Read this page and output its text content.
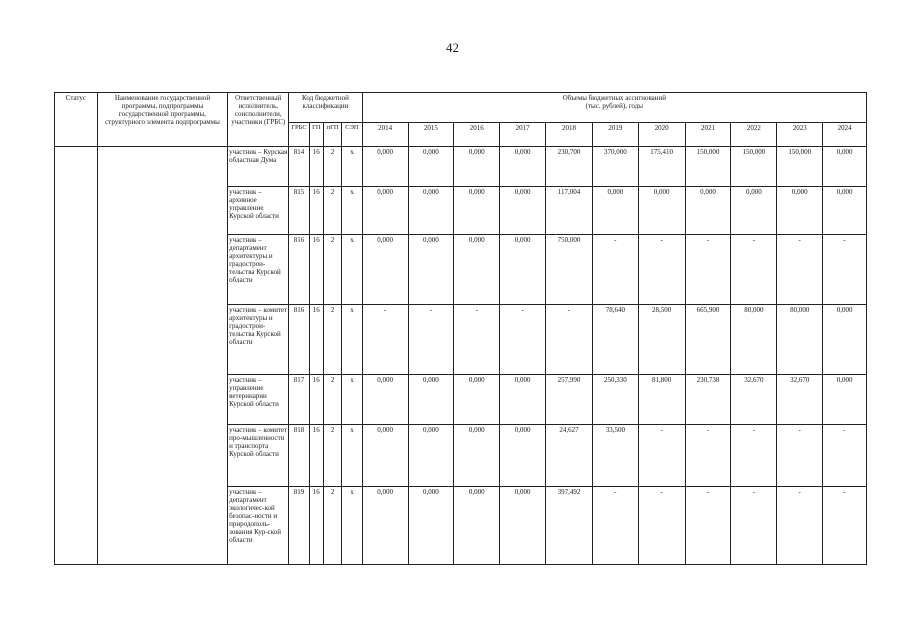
42
Статус	Наименование государственной программы, подпрограммы государственной программы, структурного элемента подпрограммы	Ответственный исполнитель, соисполнители, участники (ГРБС)	Код бюджетной классификации				Объемы бюджетных ассигнований
(тыс. рублей), годы										

			ГРБС	ГП	пГП	СЭП	2014	2015	2016	2017	2018	2019	2020	2021	2022	2023	2024
		участник – Курская областная Дума	814	16	2	х	0,000	0,000	0,000	0,000	230,700	370,000	175,410	150,000	150,000	150,000	0,000
		участник – архивное управление Курской области	815	16	2	х	0,000	0,000	0,000	0,000	117,004	0,000	0,000	0,000	0,000	0,000	0,000
		участник – департамент архитектуры и градострои-тельства Курской области	816	16	2	х	0,000	0,000	0,000	0,000	750,000	-	-	-	-	-	-
		участник – комитет архитектуры и градострои-тельства Курской области	816	16	2	х	-	-	-	-	-	78,640	28,500	665,900	80,000	80,000	0,000
		участник – управление ветеринарии Курской области	817	16	2	х	0,000	0,000	0,000	0,000	257,990	250,330	81,800	230,738	32,670	32,670	0,000
		участник – комитет про-мышленности и транспорта Курской области	818	16	2	х	0,000	0,000	0,000	0,000	24,627	33,500	-	-	-	-	-
		участник – департамент экологичес-кой безопас-ности и природополь-зования Кур-ской области	819	16	2	х	0,000	0,000	0,000	0,000	397,492	-	-	-	-	-	-
